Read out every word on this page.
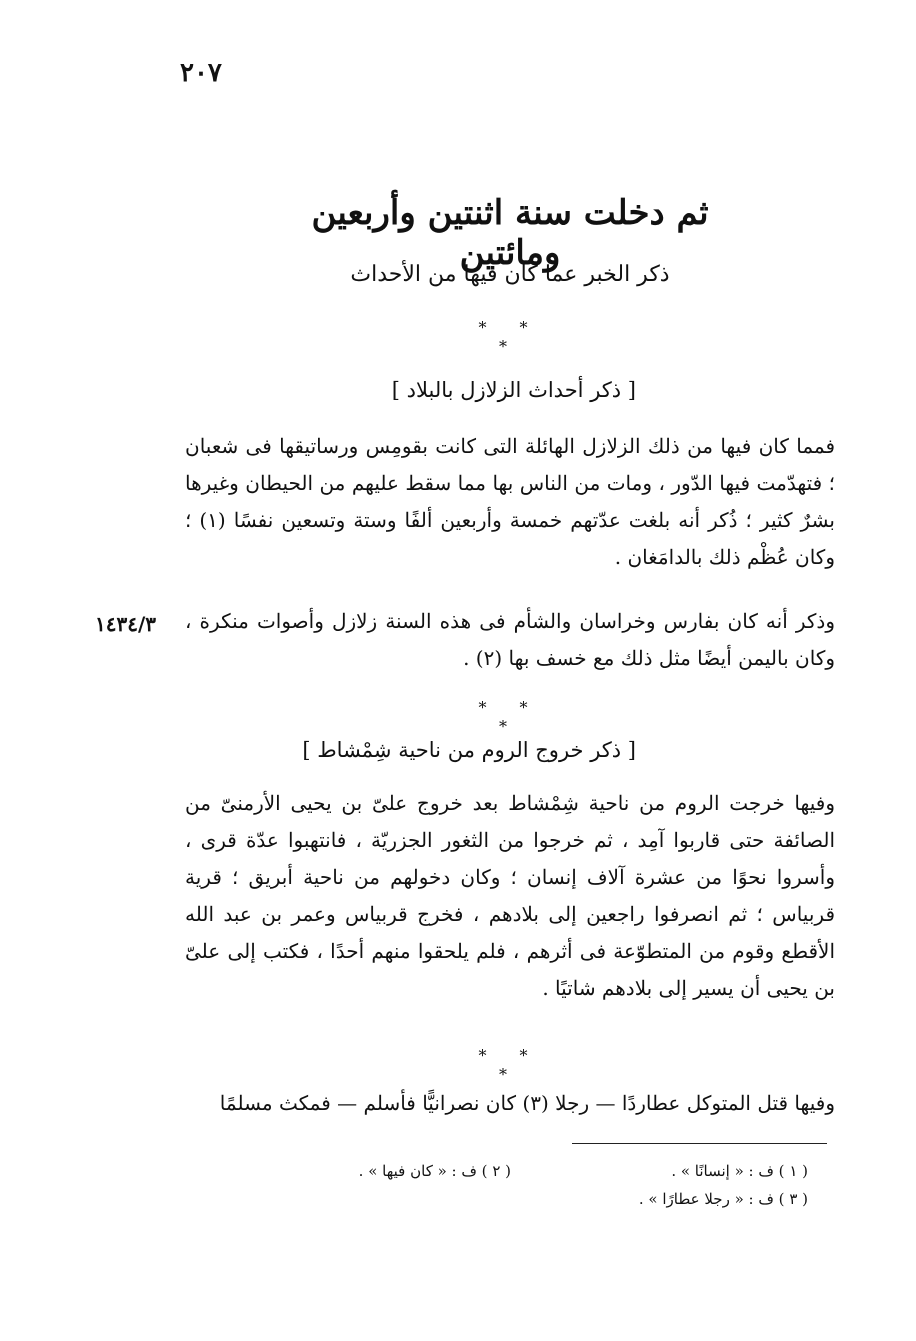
٢٠٧
ثم دخلت سنة اثنتين وأربعين ومائتين
ذكر الخبر عما كان فيها من الأحداث
* * *
[ ذكر أحداث الزلازل بالبلاد ]
فمما كان فيها من ذلك الزلازل الهائلة التى كانت بقومِس ورساتيقها فى شعبان ؛ فتهدّمت فيها الدّور ، ومات من الناس بها مما سقط عليهم من الحيطان وغيرها بشرٌ كثير ؛ ذُكر أنه بلغت عدّتهم خمسة وأربعين ألفًا وستة وتسعين نفسًا (١) ؛ وكان عُظْم ذلك بالدامَغان .
وذكر أنه كان بفارس وخراسان والشأم فى هذه السنة زلازل وأصوات منكرة ، وكان باليمن أيضًا مثل ذلك مع خسف بها (٢) .
١٤٣٤/٣
* * *
[ ذكر خروج الروم من ناحية شِمْشاط ]
وفيها خرجت الروم من ناحية شِمْشاط بعد خروج علىّ بن يحيى الأرمنىّ من الصائفة حتى قاربوا آمِد ، ثم خرجوا من الثغور الجزريّة ، فانتهبوا عدّة قرى ، وأسروا نحوًا من عشرة آلاف إنسان ؛ وكان دخولهم من ناحية أبريق ؛ قرية قربياس ؛ ثم انصرفوا راجعين إلى بلادهم ، فخرج قربياس وعمر بن عبد الله الأقطع وقوم من المتطوّعة فى أثرهم ، فلم يلحقوا منهم أحدًا ، فكتب إلى علىّ بن يحيى أن يسير إلى بلادهم شاتيًا .
* * *
وفيها قتل المتوكل عطاردًا — رجلا (٣) كان نصرانيًّا فأسلم — فمكث مسلمًا
( ١ ) ف : « إنسانًا » .
( ٢ ) ف : « كان فيها » .
( ٣ ) ف : « رجلا عطارًا » .
